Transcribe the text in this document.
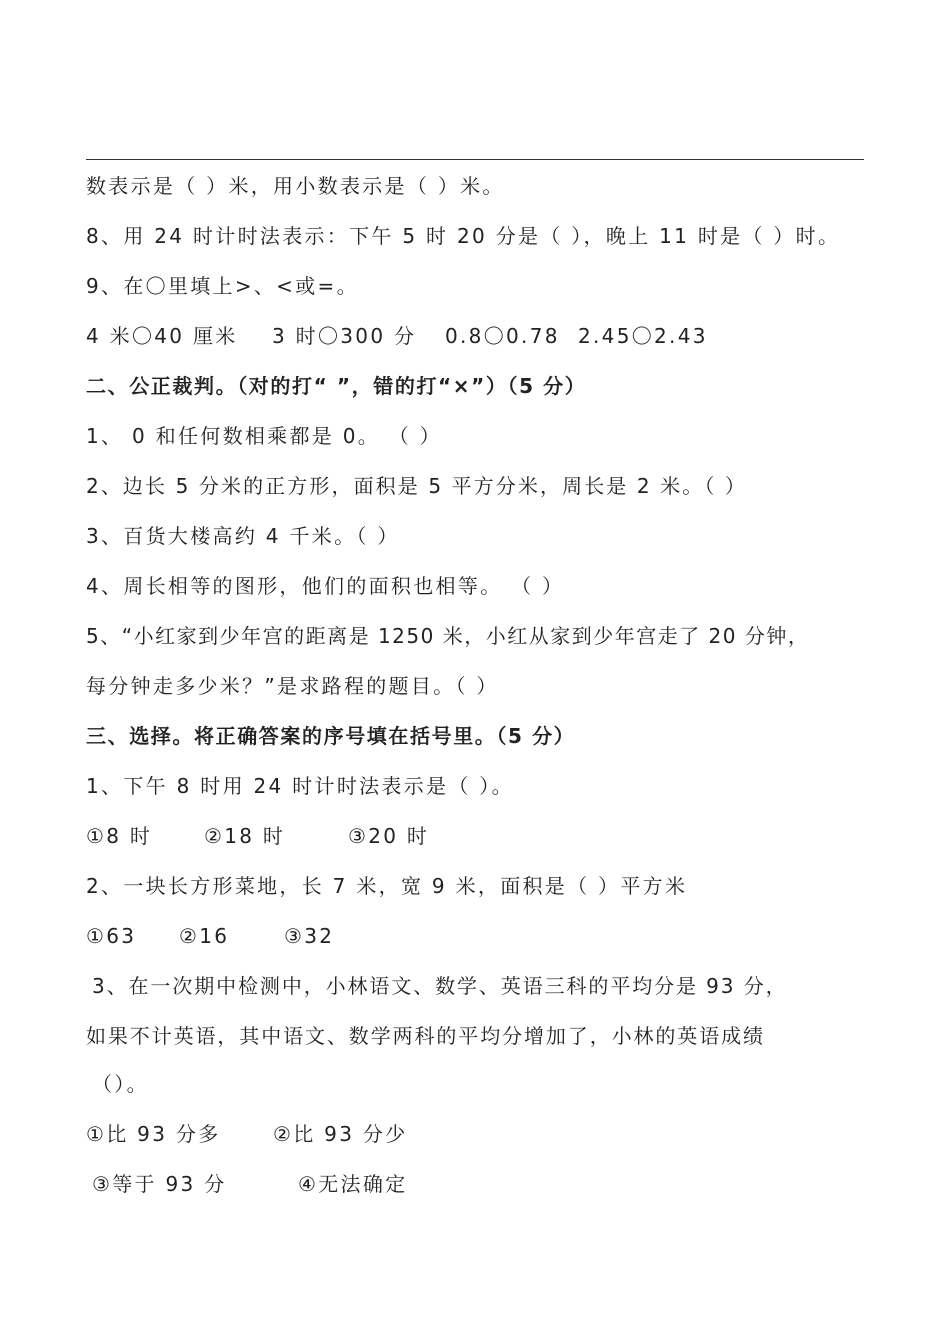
数表示是（ ）米，用小数表示是（ ）米。
8、用 24 时计时法表示：下午 5 时 20 分是（ ），晚上 11 时是（ ）时。
9、在〇里填上>、<或=。
4 米〇40 厘米 3 时〇300 分 0.8〇0.78 2.45〇2.43
二、公正裁判。（对的打“ ”，错的打“×”）（5 分）
1、 0 和任何数相乘都是 0。 （ ）
2、边长 5 分米的正方形，面积是 5 平方分米，周长是 2 米。（ ）
3、百货大楼高约 4 千米。（ ）
4、周长相等的图形，他们的面积也相等。 （ ）
5、“小红家到少年宫的距离是 1250 米，小红从家到少年宫走了 20 分钟，
每分钟走多少米？”是求路程的题目。（ ）
三、选择。将正确答案的序号填在括号里。（5 分）
1、下午 8 时用 24 时计时法表示是（ ）。
①8 时	②18 时	③20 时
2、一块长方形菜地，长 7 米，宽 9 米，面积是（ ）平方米
①63 ②16	③32
3、在一次期中检测中，小林语文、数学、英语三科的平均分是 93 分，
如果不计英语，其中语文、数学两科的平均分增加了，小林的英语成绩
（）。
①比 93 分多	②比 93 分少
③等于 93 分	④无法确定
